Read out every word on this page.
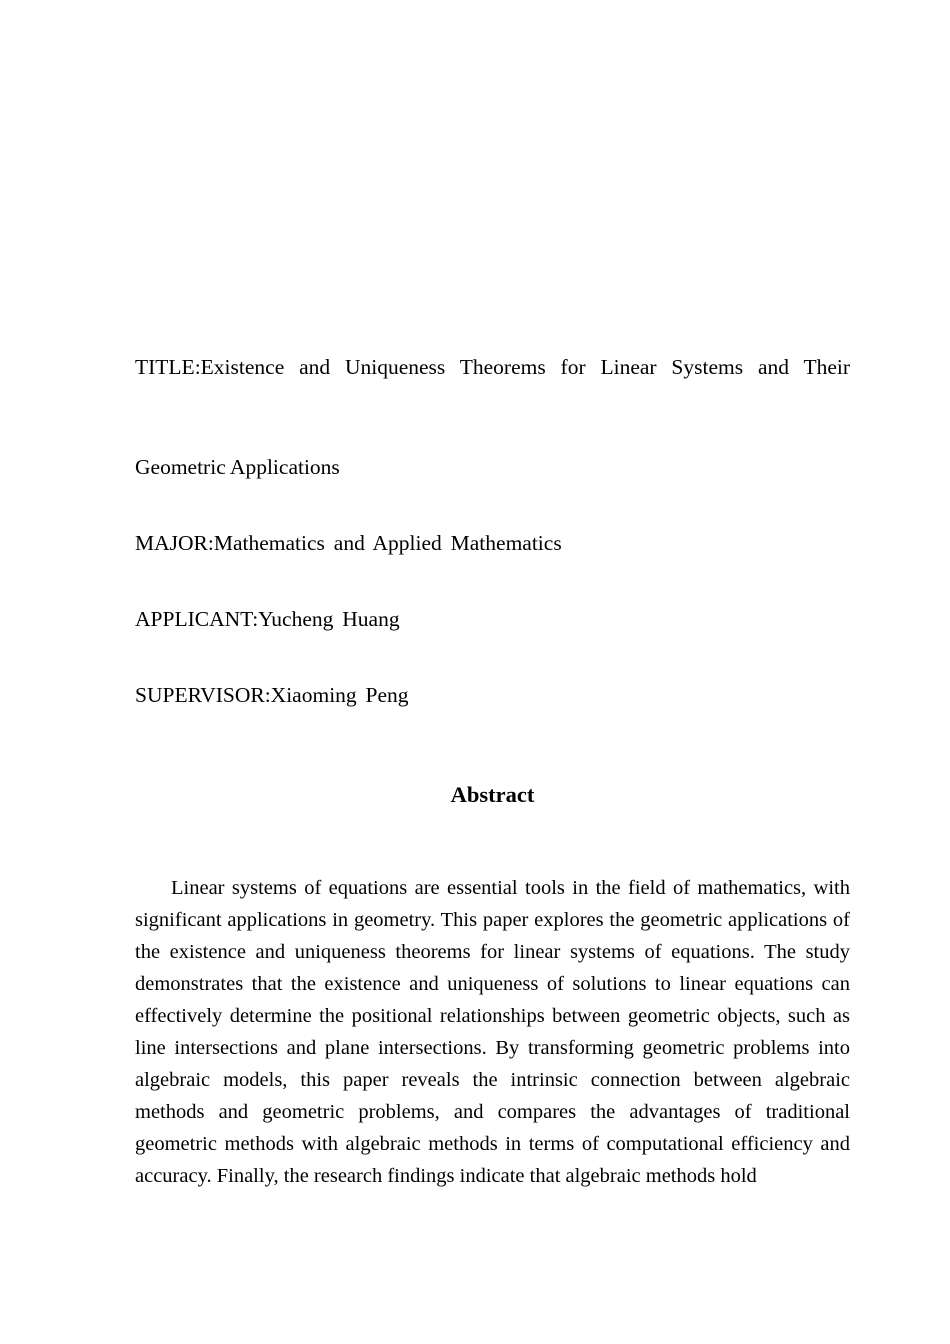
TITLE:Existence and Uniqueness Theorems for Linear Systems and Their
Geometric Applications
MAJOR:Mathematics and Applied Mathematics
APPLICANT:Yucheng Huang
SUPERVISOR:Xiaoming Peng
Abstract
Linear systems of equations are essential tools in the field of mathematics, with significant applications in geometry. This paper explores the geometric applications of the existence and uniqueness theorems for linear systems of equations. The study demonstrates that the existence and uniqueness of solutions to linear equations can effectively determine the positional relationships between geometric objects, such as line intersections and plane intersections. By transforming geometric problems into algebraic models, this paper reveals the intrinsic connection between algebraic methods and geometric problems, and compares the advantages of traditional geometric methods with algebraic methods in terms of computational efficiency and accuracy. Finally, the research findings indicate that algebraic methods hold
